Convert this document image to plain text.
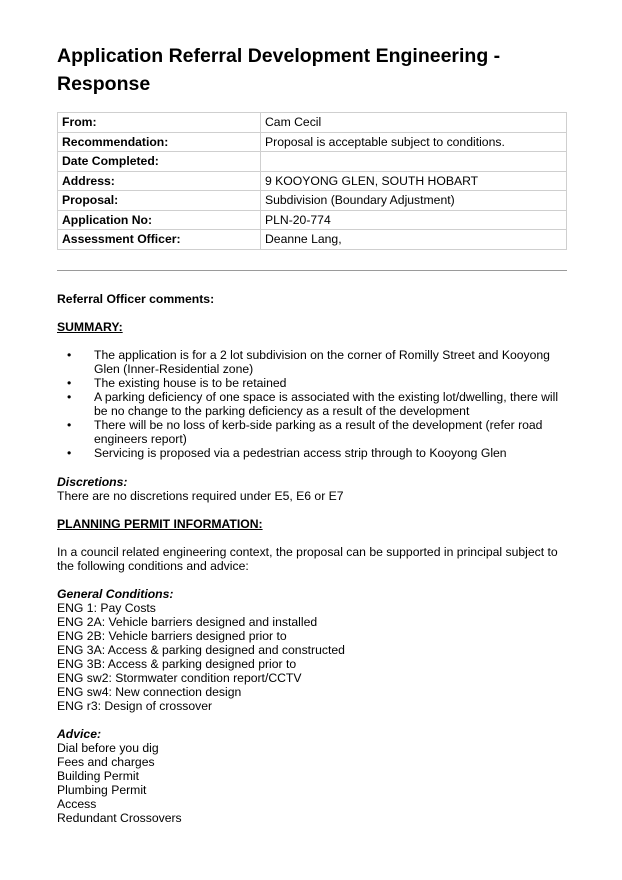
Application Referral Development Engineering - Response
From:	Cam Cecil
Recommendation:	Proposal is acceptable subject to conditions.
Date Completed:	
Address:	9 KOOYONG GLEN, SOUTH HOBART
Proposal:	Subdivision (Boundary Adjustment)
Application No:	PLN-20-774
Assessment Officer:	Deanne Lang,

Referral Officer comments:

SUMMARY:

• The application is for a 2 lot subdivision on the corner of Romilly Street and Kooyong Glen (Inner-Residential zone)
• The existing house is to be retained
• A parking deficiency of one space is associated with the existing lot/dwelling, there will be no change to the parking deficiency as a result of the development
• There will be no loss of kerb-side parking as a result of the development (refer road engineers report)
• Servicing is proposed via a pedestrian access strip through to Kooyong Glen

Discretions:

There are no discretions required under E5, E6 or E7

PLANNING PERMIT INFORMATION:

In a council related engineering context, the proposal can be supported in principal subject to the following conditions and advice:

General Conditions:

ENG 1: Pay Costs

ENG 2A: Vehicle barriers designed and installed

ENG 2B: Vehicle barriers designed prior to

ENG 3A: Access & parking designed and constructed

ENG 3B: Access & parking designed prior to

ENG sw2: Stormwater condition report/CCTV

ENG sw4: New connection design

ENG r3: Design of crossover

Advice:

Dial before you dig

Fees and charges

Building Permit

Plumbing Permit

Access

Redundant Crossovers
